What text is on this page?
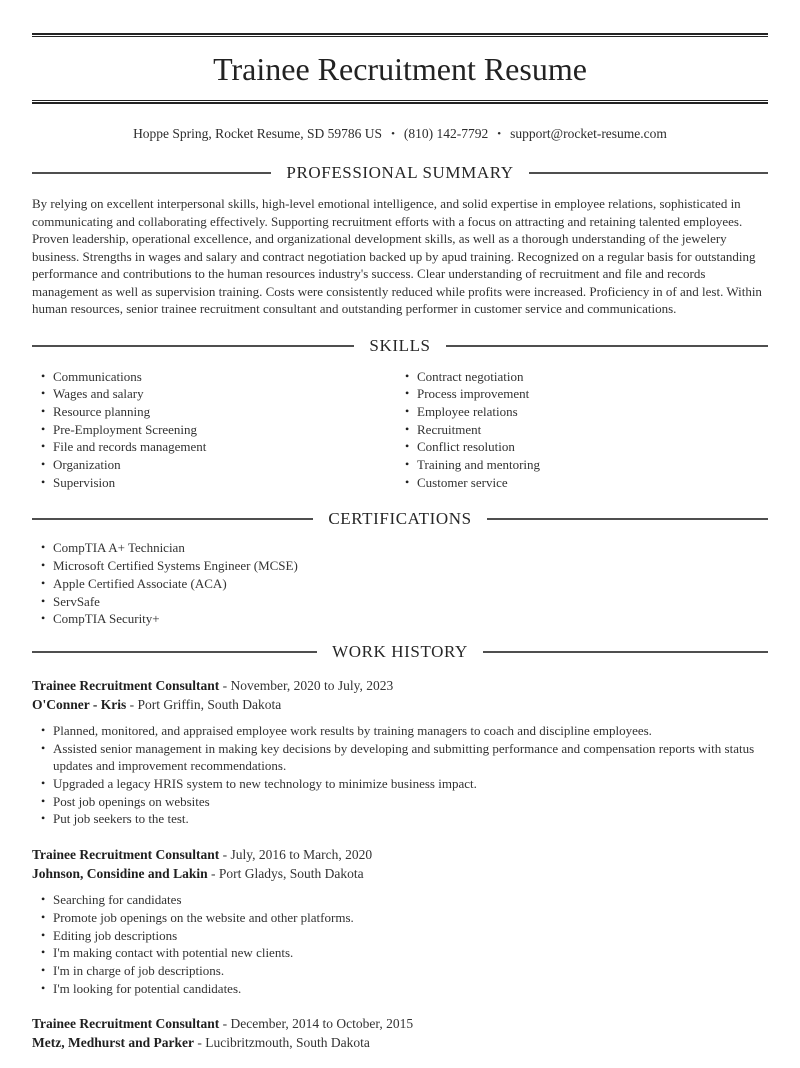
Trainee Recruitment Resume
Hoppe Spring, Rocket Resume, SD 59786 US • (810) 142-7792 • support@rocket-resume.com
PROFESSIONAL SUMMARY

By relying on excellent interpersonal skills, high-level emotional intelligence, and solid expertise in employee relations, sophisticated in communicating and collaborating effectively. Supporting recruitment efforts with a focus on attracting and retaining talented employees. Proven leadership, operational excellence, and organizational development skills, as well as a thorough understanding of the jewelery business. Strengths in wages and salary and contract negotiation backed up by apud training. Recognized on a regular basis for outstanding performance and contributions to the human resources industry's success. Clear understanding of recruitment and file and records management as well as supervision training. Costs were consistently reduced while profits were increased. Proficiency in of and lest. Within human resources, senior trainee recruitment consultant and outstanding performer in customer service and communications.

SKILLS
• Communications
• Wages and salary
• Resource planning
• Pre-Employment Screening
• File and records management
• Organization
• Supervision
• Contract negotiation
• Process improvement
• Employee relations
• Recruitment
• Conflict resolution
• Training and mentoring
• Customer service
CERTIFICATIONS
• CompTIA A+ Technician
• Microsoft Certified Systems Engineer (MCSE)
• Apple Certified Associate (ACA)
• ServSafe
• CompTIA Security+
WORK HISTORY
Trainee Recruitment Consultant - November, 2020 to July, 2023
O'Conner - Kris - Port Griffin, South Dakota
• Planned, monitored, and appraised employee work results by training managers to coach and discipline employees.
• Assisted senior management in making key decisions by developing and submitting performance and compensation reports with status updates and improvement recommendations.
• Upgraded a legacy HRIS system to new technology to minimize business impact.
• Post job openings on websites
• Put job seekers to the test.
Trainee Recruitment Consultant - July, 2016 to March, 2020
Johnson, Considine and Lakin - Port Gladys, South Dakota
• Searching for candidates
• Promote job openings on the website and other platforms.
• Editing job descriptions
• I'm making contact with potential new clients.
• I'm in charge of job descriptions.
• I'm looking for potential candidates.
Trainee Recruitment Consultant - December, 2014 to October, 2015
Metz, Medhurst and Parker - Lucibritzmouth, South Dakota
